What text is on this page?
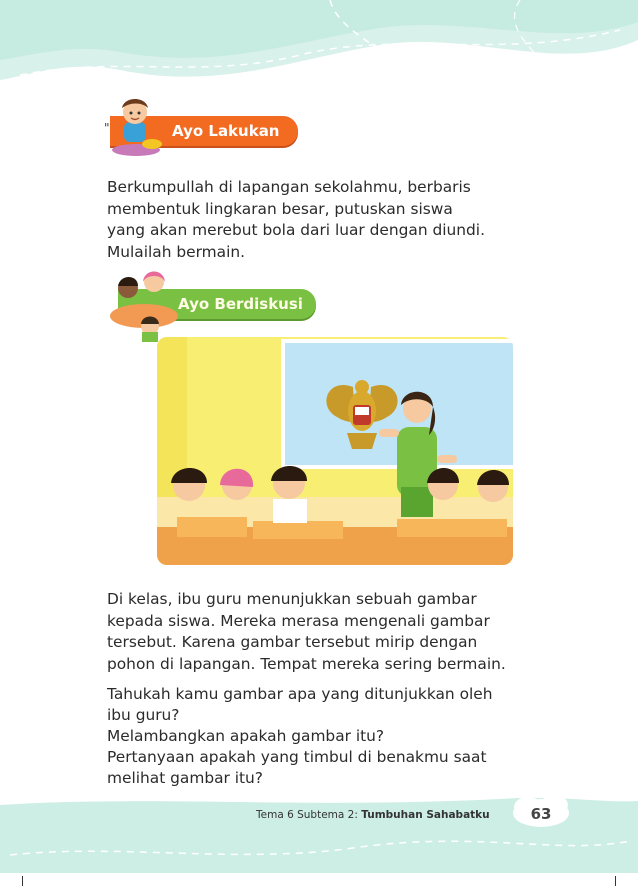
Ayo Lakukan
"

Berkumpullah di lapangan sekolahmu, berbaris

membentuk lingkaran besar, putuskan siswa

yang akan merebut bola dari luar dengan diundi.

Mulailah bermain.

Ayo Berdiskusi

Di kelas, ibu guru menunjukkan sebuah gambar

kepada siswa. Mereka merasa mengenali gambar

tersebut. Karena gambar tersebut mirip dengan

pohon di lapangan. Tempat mereka sering bermain.

Tahukah kamu gambar apa yang ditunjukkan oleh

ibu guru?

Melambangkan apakah gambar itu?

Pertanyaan apakah yang timbul di benakmu saat

melihat gambar itu?

Tema 6 Subtema 2: Tumbuhan Sahabatku	63
